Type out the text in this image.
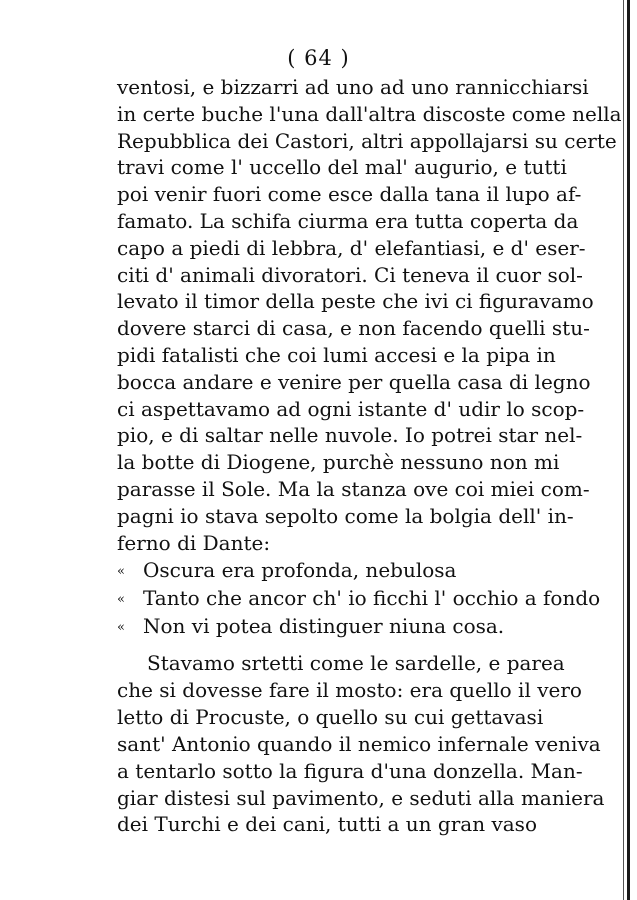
( 64 )
ventosi, e bizzarri ad uno ad uno rannicchiarsi
in certe buche l'una dall'altra discoste come nella
Repubblica dei Castori, altri appollajarsi su certe
travi come l' uccello del mal' augurio, e tutti
poi venir fuori come esce dalla tana il lupo af-
famato. La schifa ciurma era tutta coperta da
capo a piedi di lebbra, d' elefantiasi, e d' eser-
citi d' animali divoratori. Ci teneva il cuor sol-
levato il timor della peste che ivi ci figuravamo
dovere starci di casa, e non facendo quelli stu-
pidi fatalisti che coi lumi accesi e la pipa in
bocca andare e venire per quella casa di legno
ci aspettavamo ad ogni istante d' udir lo scop-
pio, e di saltar nelle nuvole. Io potrei star nel-
la botte di Diogene, purchè nessuno non mi
parasse il Sole. Ma la stanza ove coi miei com-
pagni io stava sepolto come la bolgia dell' in-
ferno di Dante:
« Oscura era profonda, nebulosa
« Tanto che ancor ch' io ficchi l' occhio a fondo
« Non vi potea distinguer niuna cosa.
Stavamo srtetti come le sardelle, e parea
che si dovesse fare il mosto: era quello il vero
letto di Procuste, o quello su cui gettavasi
sant' Antonio quando il nemico infernale veniva
a tentarlo sotto la figura d'una donzella. Man-
giar distesi sul pavimento, e seduti alla maniera
dei Turchi e dei cani, tutti a un gran vaso
